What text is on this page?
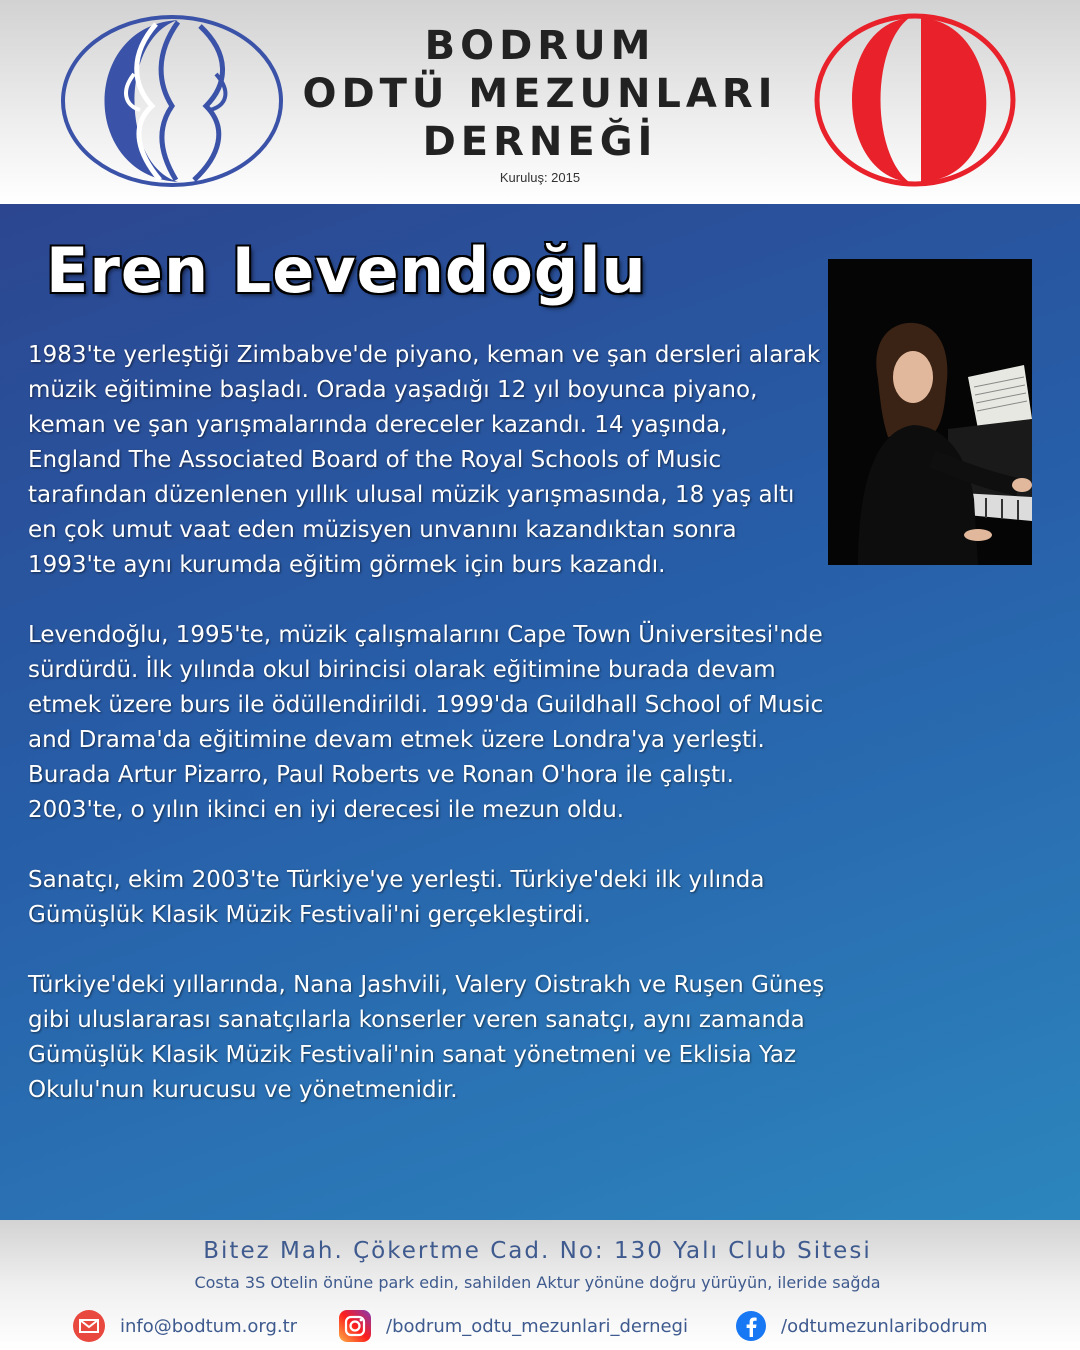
BODRUM
ODTÜ MEZUNLARI
DERNEĞİ
Kuruluş: 2015
Eren Levendoğlu

1983'te yerleştiği Zimbabve'de piyano, keman ve şan dersleri alarak müzik eğitimine başladı. Orada yaşadığı 12 yıl boyunca piyano, keman ve şan yarışmalarında dereceler kazandı. 14 yaşında, England The Associated Board of the Royal Schools of Music tarafından düzenlenen yıllık ulusal müzik yarışmasında, 18 yaş altı en çok umut vaat eden müzisyen unvanını kazandıktan sonra 1993'te aynı kurumda eğitim görmek için burs kazandı.

Levendoğlu, 1995'te, müzik çalışmalarını Cape Town Üniversitesi'nde sürdürdü. İlk yılında okul birincisi olarak eğitimine burada devam etmek üzere burs ile ödüllendirildi. 1999'da Guildhall School of Music and Drama'da eğitimine devam etmek üzere Londra'ya yerleşti. Burada Artur Pizarro, Paul Roberts ve Ronan O'hora ile çalıştı. 2003'te, o yılın ikinci en iyi derecesi ile mezun oldu.

Sanatçı, ekim 2003'te Türkiye'ye yerleşti. Türkiye'deki ilk yılında Gümüşlük Klasik Müzik Festivali'ni gerçekleştirdi.

Türkiye'deki yıllarında, Nana Jashvili, Valery Oistrakh ve Ruşen Güneş gibi uluslararası sanatçılarla konserler veren sanatçı, aynı zamanda Gümüşlük Klasik Müzik Festivali'nin sanat yönetmeni ve Eklisia Yaz Okulu'nun kurucusu ve yönetmenidir.

Bitez Mah. Çökertme Cad. No: 130 Yalı Club Sitesi
Costa 3S Otelin önüne park edin, sahilden Aktur yönüne doğru yürüyün, ileride sağda
info@bodtum.org.tr	/bodrum_odtu_mezunlari_dernegi	/odtumezunlaribodrum
